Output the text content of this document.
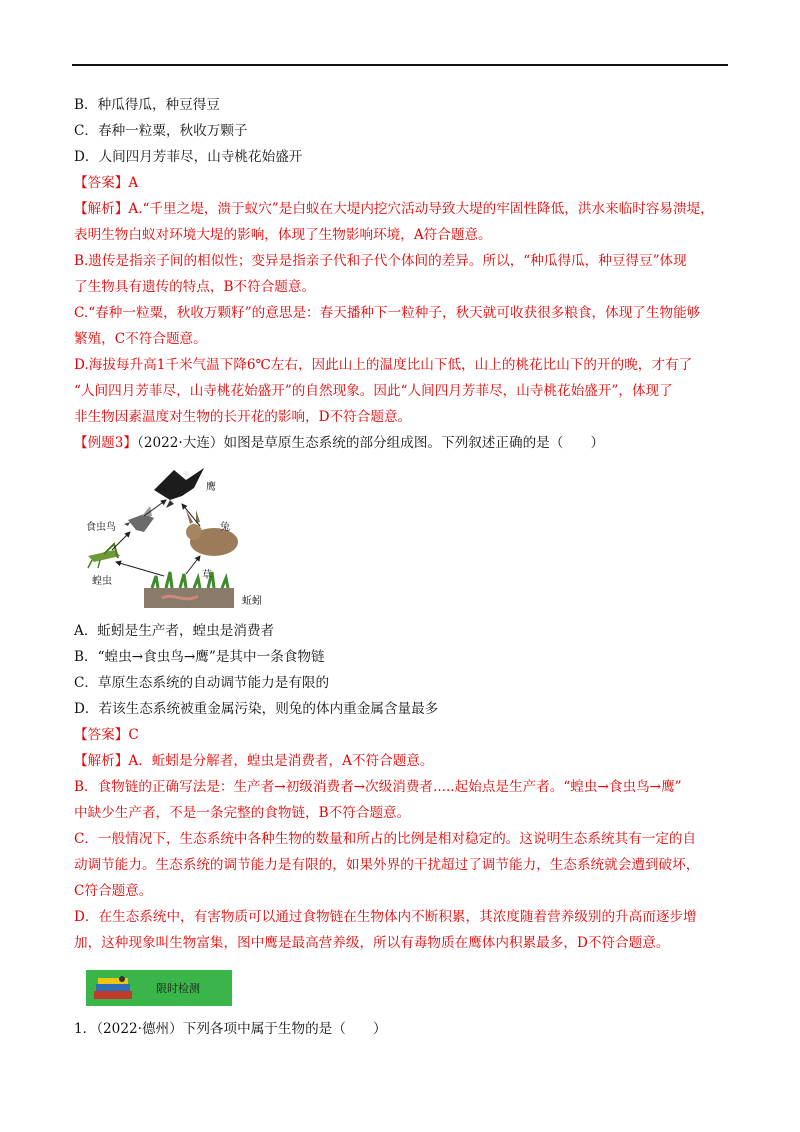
B．种瓜得瓜，种豆得豆
C．春种一粒粟，秋收万颗子
D．人间四月芳菲尽，山寺桃花始盛开
【答案】A
【解析】A.“千里之堤，溃于蚁穴”是白蚁在大堤内挖穴活动导致大堤的牢固性降低，洪水来临时容易溃堤，
表明生物白蚁对环境大堤的影响，体现了生物影响环境，A符合题意。
B.遗传是指亲子间的相似性；变异是指亲子代和子代个体间的差异。所以，“种瓜得瓜，种豆得豆”体现
了生物具有遗传的特点，B不符合题意。
C.“春种一粒粟，秋收万颗籽”的意思是：春天播种下一粒种子，秋天就可收获很多粮食，体现了生物能够
繁殖，C不符合题意。
D.海拔每升高1千米气温下降6℃左右，因此山上的温度比山下低，山上的桃花比山下的开的晚，才有了
“人间四月芳菲尽，山寺桃花始盛开”的自然现象。因此“人间四月芳菲尽，山寺桃花始盛开”，体现了
非生物因素温度对生物的长开花的影响，D不符合题意。
【例题3】（2022·大连）如图是草原生态系统的部分组成图。下列叙述正确的是（　　）
鹰
食虫鸟	兔
蝗虫
草
蚯蚓
A．蚯蚓是生产者，蝗虫是消费者
B．“蝗虫→食虫鸟→鹰”是其中一条食物链
C．草原生态系统的自动调节能力是有限的
D．若该生态系统被重金属污染，则兔的体内重金属含量最多
【答案】C
【解析】A．蚯蚓是分解者，蝗虫是消费者，A不符合题意。
B．食物链的正确写法是：生产者→初级消费者→次级消费者.....起始点是生产者。“蝗虫→食虫鸟→鹰”
中缺少生产者，不是一条完整的食物链，B不符合题意。
C．一般情况下，生态系统中各种生物的数量和所占的比例是相对稳定的。这说明生态系统其有一定的自
动调节能力。生态系统的调节能力是有限的，如果外界的干扰超过了调节能力，生态系统就会遭到破坏，
C符合题意。
D．在生态系统中，有害物质可以通过食物链在生物体内不断积累，其浓度随着营养级别的升高而逐步增
加，这种现象叫生物富集，图中鹰是最高营养级，所以有毒物质在鹰体内积累最多，D不符合题意。
限时检测
1．（2022·德州）下列各项中属于生物的是（　　）
